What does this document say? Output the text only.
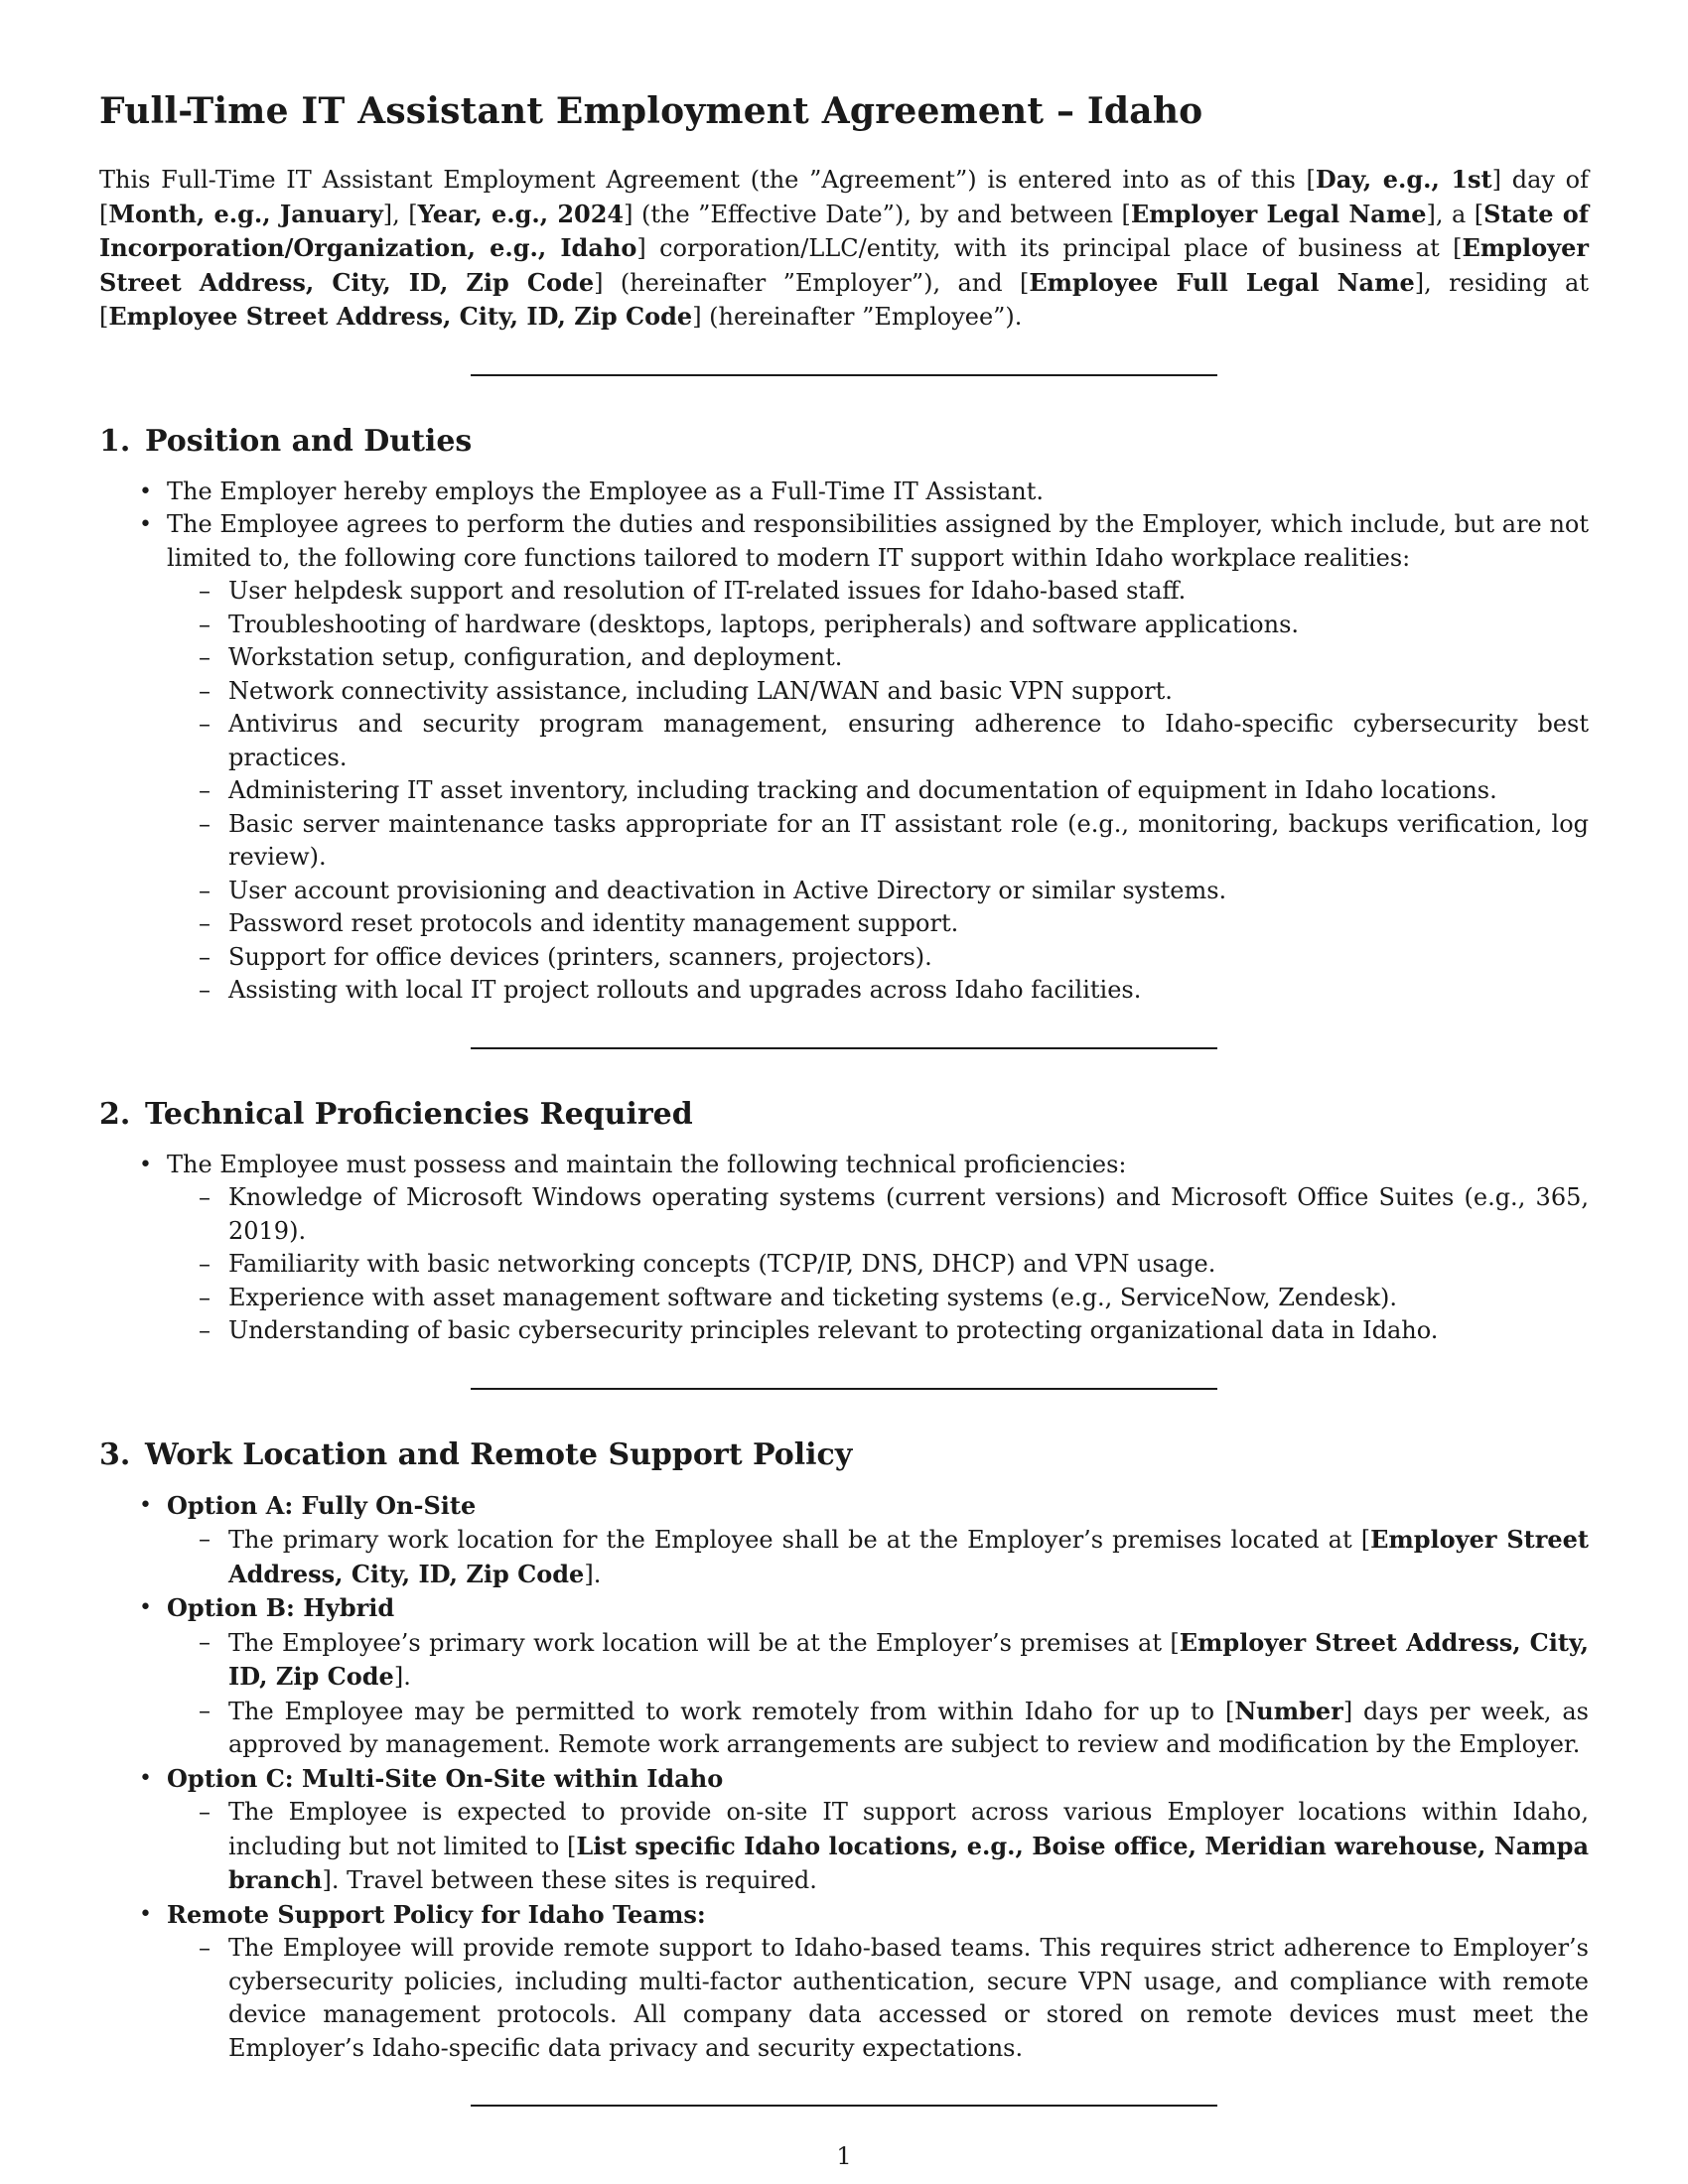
Full-Time IT Assistant Employment Agreement – Idaho

This Full-Time IT Assistant Employment Agreement (the ”Agreement”) is entered into as of this [Day, e.g., 1st] day of [Month, e.g., January], [Year, e.g., 2024] (the ”Effective Date”), by and between [Employer Legal Name], a [State of Incorporation/Organization, e.g., Idaho] corporation/LLC/entity, with its principal place of business at [Employer Street Address, City, ID, Zip Code] (hereinafter ”Employer”), and [Employee Full Legal Name], residing at [Employee Street Address, City, ID, Zip Code] (hereinafter ”Employee”).

1. Position and Duties
• The Employer hereby employs the Employee as a Full-Time IT Assistant.
• The Employee agrees to perform the duties and responsibilities assigned by the Employer, which include, but are not limited to, the following core functions tailored to modern IT support within Idaho workplace realities:
– User helpdesk support and resolution of IT-related issues for Idaho-based staff.
– Troubleshooting of hardware (desktops, laptops, peripherals) and software applications.
– Workstation setup, configuration, and deployment.
– Network connectivity assistance, including LAN/WAN and basic VPN support.
– Antivirus and security program management, ensuring adherence to Idaho-specific cybersecurity best practices.
– Administering IT asset inventory, including tracking and documentation of equipment in Idaho locations.
– Basic server maintenance tasks appropriate for an IT assistant role (e.g., monitoring, backups verification, log review).
– User account provisioning and deactivation in Active Directory or similar systems.
– Password reset protocols and identity management support.
– Support for office devices (printers, scanners, projectors).
– Assisting with local IT project rollouts and upgrades across Idaho facilities.
2. Technical Proficiencies Required
• The Employee must possess and maintain the following technical proficiencies:
– Knowledge of Microsoft Windows operating systems (current versions) and Microsoft Office Suites (e.g., 365, 2019).
– Familiarity with basic networking concepts (TCP/IP, DNS, DHCP) and VPN usage.
– Experience with asset management software and ticketing systems (e.g., ServiceNow, Zendesk).
– Understanding of basic cybersecurity principles relevant to protecting organizational data in Idaho.
3. Work Location and Remote Support Policy
• Option A: Fully On-Site
– The primary work location for the Employee shall be at the Employer’s premises located at [Employer Street Address, City, ID, Zip Code].
• Option B: Hybrid
– The Employee’s primary work location will be at the Employer’s premises at [Employer Street Address, City, ID, Zip Code].
– The Employee may be permitted to work remotely from within Idaho for up to [Number] days per week, as approved by management. Remote work arrangements are subject to review and modification by the Employer.
• Option C: Multi-Site On-Site within Idaho
– The Employee is expected to provide on-site IT support across various Employer locations within Idaho, including but not limited to [List specific Idaho locations, e.g., Boise office, Meridian warehouse, Nampa branch]. Travel between these sites is required.
• Remote Support Policy for Idaho Teams:
– The Employee will provide remote support to Idaho-based teams. This requires strict adherence to Employer’s cybersecurity policies, including multi-factor authentication, secure VPN usage, and compliance with remote device management protocols. All company data accessed or stored on remote devices must meet the Employer’s Idaho-specific data privacy and security expectations.
1
